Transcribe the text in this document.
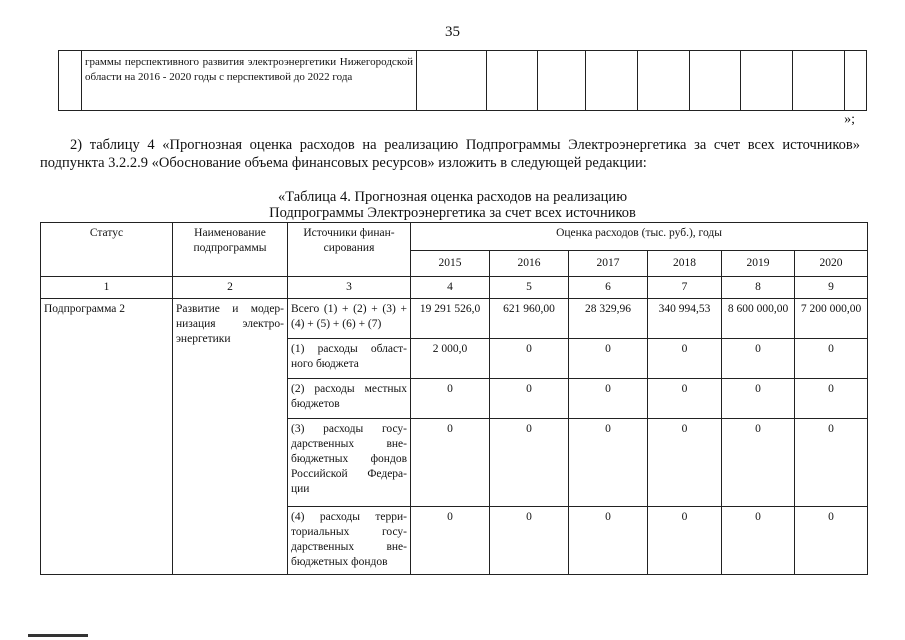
35
	граммы перспективного развития электроэнергетики Нижегородской области на 2016 - 2020 годы с перспективой до 2022 года									
»;
2) таблицу 4 «Прогнозная оценка расходов на реализацию Подпрограммы Электроэнергетика за счет всех источников» подпункта 3.2.2.9 «Обоснование объема финансовых ресурсов» изложить в следующей редакции:
«Таблица 4. Прогнозная оценка расходов на реализацию
Подпрограммы Электроэнергетика за счет всех источников
Статус	Наименование подпрограммы	Источники финан-сирования	Оценка расходов (тыс. руб.), годы					
			2015	2016	2017	2018	2019	2020
1	2	3	4	5	6	7	8	9
Подпрограмма 2	Развитие и модер-низация электро-энергетики	Всего (1) + (2) + (3) + (4) + (5) + (6) + (7)	19 291 526,0	621 960,00	28 329,96	340 994,53	8 600 000,00	7 200 000,00
		(1) расходы област-ного бюджета	2 000,0	0	0	0	0	0
		(2) расходы местных бюджетов	0	0	0	0	0	0
		(3) расходы госу-дарственных вне-бюджетных фондов Российской Федера-ции	0	0	0	0	0	0
		(4) расходы терри-ториальных госу-дарственных вне-бюджетных фондов	0	0	0	0	0	0
